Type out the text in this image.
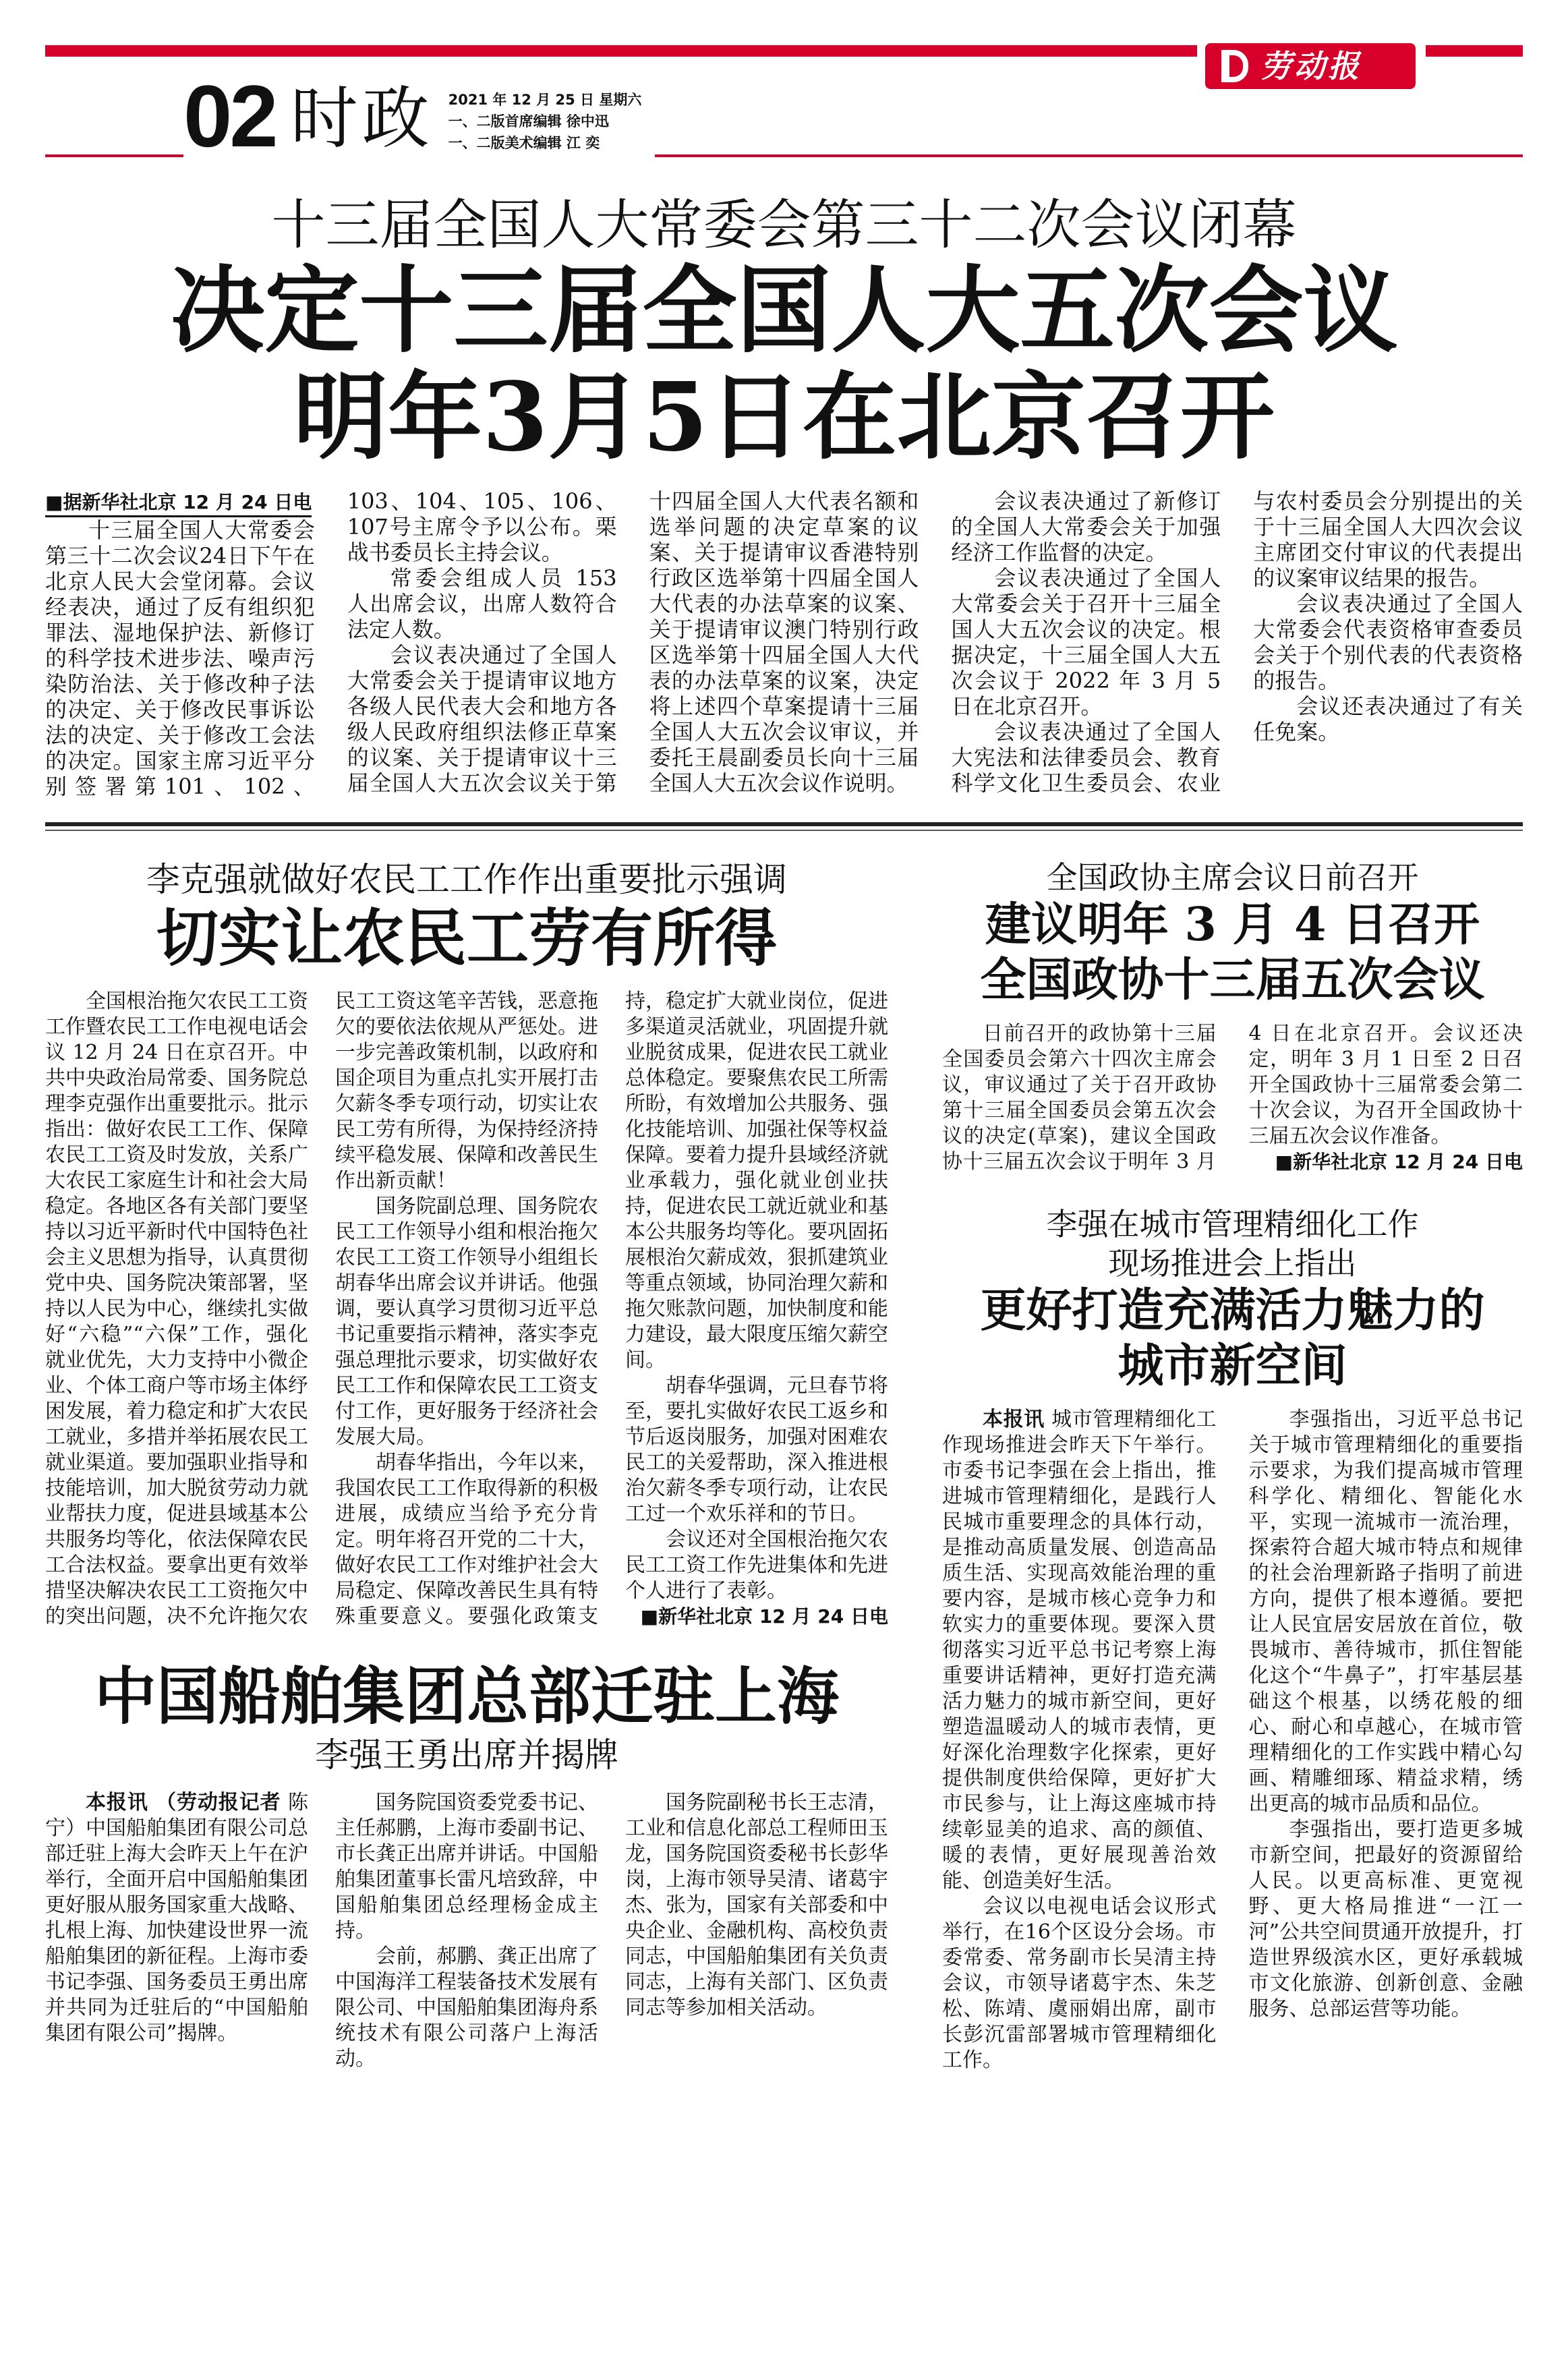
劳动报
02 时政 2021 年 12 月 25 日 星期六
一、二版首席编辑 徐中迅
一、二版美术编辑 江 奕
十三届全国人大常委会第三十二次会议闭幕
决定十三届全国人大五次会议
明年3月5日在北京召开

■据新华社北京 12 月 24 日电

十三届全国人大常委会第三十二次会议24日下午在北京人民大会堂闭幕。会议经表决，通过了反有组织犯罪法、湿地保护法、新修订的科学技术进步法、噪声污染防治法、关于修改种子法的决定、关于修改民事诉讼法的决定、关于修改工会法的决定。国家主席习近平分别签署第101、102、103、104、105、106、107号主席令予以公布。栗战书委员长主持会议。

常委会组成人员 153 人出席会议，出席人数符合法定人数。

会议表决通过了全国人大常委会关于提请审议地方各级人民代表大会和地方各级人民政府组织法修正草案的议案、关于提请审议十三届全国人大五次会议关于第十四届全国人大代表名额和选举问题的决定草案的议案、关于提请审议香港特别行政区选举第十四届全国人大代表的办法草案的议案、关于提请审议澳门特别行政区选举第十四届全国人大代表的办法草案的议案，决定将上述四个草案提请十三届全国人大五次会议审议，并委托王晨副委员长向十三届全国人大五次会议作说明。

会议表决通过了新修订的全国人大常委会关于加强经济工作监督的决定。

会议表决通过了全国人大常委会关于召开十三届全国人大五次会议的决定。根据决定，十三届全国人大五次会议于 2022 年 3 月 5 日在北京召开。

会议表决通过了全国人大宪法和法律委员会、教育科学文化卫生委员会、农业与农村委员会分别提出的关于十三届全国人大四次会议主席团交付审议的代表提出的议案审议结果的报告。

会议表决通过了全国人大常委会代表资格审查委员会关于个别代表的代表资格的报告。

会议还表决通过了有关任免案。

李克强就做好农民工工作作出重要批示强调
切实让农民工劳有所得

全国根治拖欠农民工工资工作暨农民工工作电视电话会议 12 月 24 日在京召开。中共中央政治局常委、国务院总理李克强作出重要批示。批示指出：做好农民工工作、保障农民工工资及时发放，关系广大农民工家庭生计和社会大局稳定。各地区各有关部门要坚持以习近平新时代中国特色社会主义思想为指导，认真贯彻党中央、国务院决策部署，坚持以人民为中心，继续扎实做好“六稳”“六保”工作，强化就业优先，大力支持中小微企业、个体工商户等市场主体纾困发展，着力稳定和扩大农民工就业，多措并举拓展农民工就业渠道。要加强职业指导和技能培训，加大脱贫劳动力就业帮扶力度，促进县域基本公共服务均等化，依法保障农民工合法权益。要拿出更有效举措坚决解决农民工工资拖欠中的突出问题，决不允许拖欠农民工工资这笔辛苦钱，恶意拖欠的要依法依规从严惩处。进一步完善政策机制，以政府和国企项目为重点扎实开展打击欠薪冬季专项行动，切实让农民工劳有所得，为保持经济持续平稳发展、保障和改善民生作出新贡献！

国务院副总理、国务院农民工工作领导小组和根治拖欠农民工工资工作领导小组组长胡春华出席会议并讲话。他强调，要认真学习贯彻习近平总书记重要指示精神，落实李克强总理批示要求，切实做好农民工工作和保障农民工工资支付工作，更好服务于经济社会发展大局。

胡春华指出，今年以来，我国农民工工作取得新的积极进展，成绩应当给予充分肯定。明年将召开党的二十大，做好农民工工作对维护社会大局稳定、保障改善民生具有特殊重要意义。要强化政策支持，稳定扩大就业岗位，促进多渠道灵活就业，巩固提升就业脱贫成果，促进农民工就业总体稳定。要聚焦农民工所需所盼，有效增加公共服务、强化技能培训、加强社保等权益保障。要着力提升县域经济就业承载力，强化就业创业扶持，促进农民工就近就业和基本公共服务均等化。要巩固拓展根治欠薪成效，狠抓建筑业等重点领域，协同治理欠薪和拖欠账款问题，加快制度和能力建设，最大限度压缩欠薪空间。

胡春华强调，元旦春节将至，要扎实做好农民工返乡和节后返岗服务，加强对困难农民工的关爱帮助，深入推进根治欠薪冬季专项行动，让农民工过一个欢乐祥和的节日。

会议还对全国根治拖欠农民工工资工作先进集体和先进个人进行了表彰。

■新华社北京 12 月 24 日电

中国船舶集团总部迁驻上海
李强王勇出席并揭牌

本报讯 （劳动报记者 陈 宁）中国船舶集团有限公司总部迁驻上海大会昨天上午在沪举行，全面开启中国船舶集团更好服从服务国家重大战略、扎根上海、加快建设世界一流船舶集团的新征程。上海市委书记李强、国务委员王勇出席并共同为迁驻后的“中国船舶集团有限公司”揭牌。

国务院国资委党委书记、主任郝鹏，上海市委副书记、市长龚正出席并讲话。中国船舶集团董事长雷凡培致辞，中国船舶集团总经理杨金成主持。

会前，郝鹏、龚正出席了中国海洋工程装备技术发展有限公司、中国船舶集团海舟系统技术有限公司落户上海活动。

国务院副秘书长王志清，工业和信息化部总工程师田玉龙，国务院国资委秘书长彭华岗，上海市领导吴清、诸葛宇杰、张为，国家有关部委和中央企业、金融机构、高校负责同志，中国船舶集团有关负责同志，上海有关部门、区负责同志等参加相关活动。

全国政协主席会议日前召开
建议明年 3 月 4 日召开
全国政协十三届五次会议

日前召开的政协第十三届全国委员会第六十四次主席会议，审议通过了关于召开政协第十三届全国委员会第五次会议的决定(草案)，建议全国政协十三届五次会议于明年 3 月 4 日在北京召开。会议还决定，明年 3 月 1 日至 2 日召开全国政协十三届常委会第二十次会议，为召开全国政协十三届五次会议作准备。

■新华社北京 12 月 24 日电

李强在城市管理精细化工作
现场推进会上指出
更好打造充满活力魅力的
城市新空间

本报讯 城市管理精细化工作现场推进会昨天下午举行。市委书记李强在会上指出，推进城市管理精细化，是践行人民城市重要理念的具体行动，是推动高质量发展、创造高品质生活、实现高效能治理的重要内容，是城市核心竞争力和软实力的重要体现。要深入贯彻落实习近平总书记考察上海重要讲话精神，更好打造充满活力魅力的城市新空间，更好塑造温暖动人的城市表情，更好深化治理数字化探索，更好提供制度供给保障，更好扩大市民参与，让上海这座城市持续彰显美的追求、高的颜值、暖的表情，更好展现善治效能、创造美好生活。

会议以电视电话会议形式举行，在16个区设分会场。市委常委、常务副市长吴清主持会议，市领导诸葛宇杰、朱芝松、陈靖、虞丽娟出席，副市长彭沉雷部署城市管理精细化工作。

李强指出，习近平总书记关于城市管理精细化的重要指示要求，为我们提高城市管理科学化、精细化、智能化水平，实现一流城市一流治理，探索符合超大城市特点和规律的社会治理新路子指明了前进方向，提供了根本遵循。要把让人民宜居安居放在首位，敬畏城市、善待城市，抓住智能化这个“牛鼻子”，打牢基层基础这个根基，以绣花般的细心、耐心和卓越心，在城市管理精细化的工作实践中精心勾画、精雕细琢、精益求精，绣出更高的城市品质和品位。

李强指出，要打造更多城市新空间，把最好的资源留给人民。以更高标准、更宽视野、更大格局推进“一江一河”公共空间贯通开放提升，打造世界级滨水区，更好承载城市文化旅游、创新创意、金融服务、总部运营等功能。
